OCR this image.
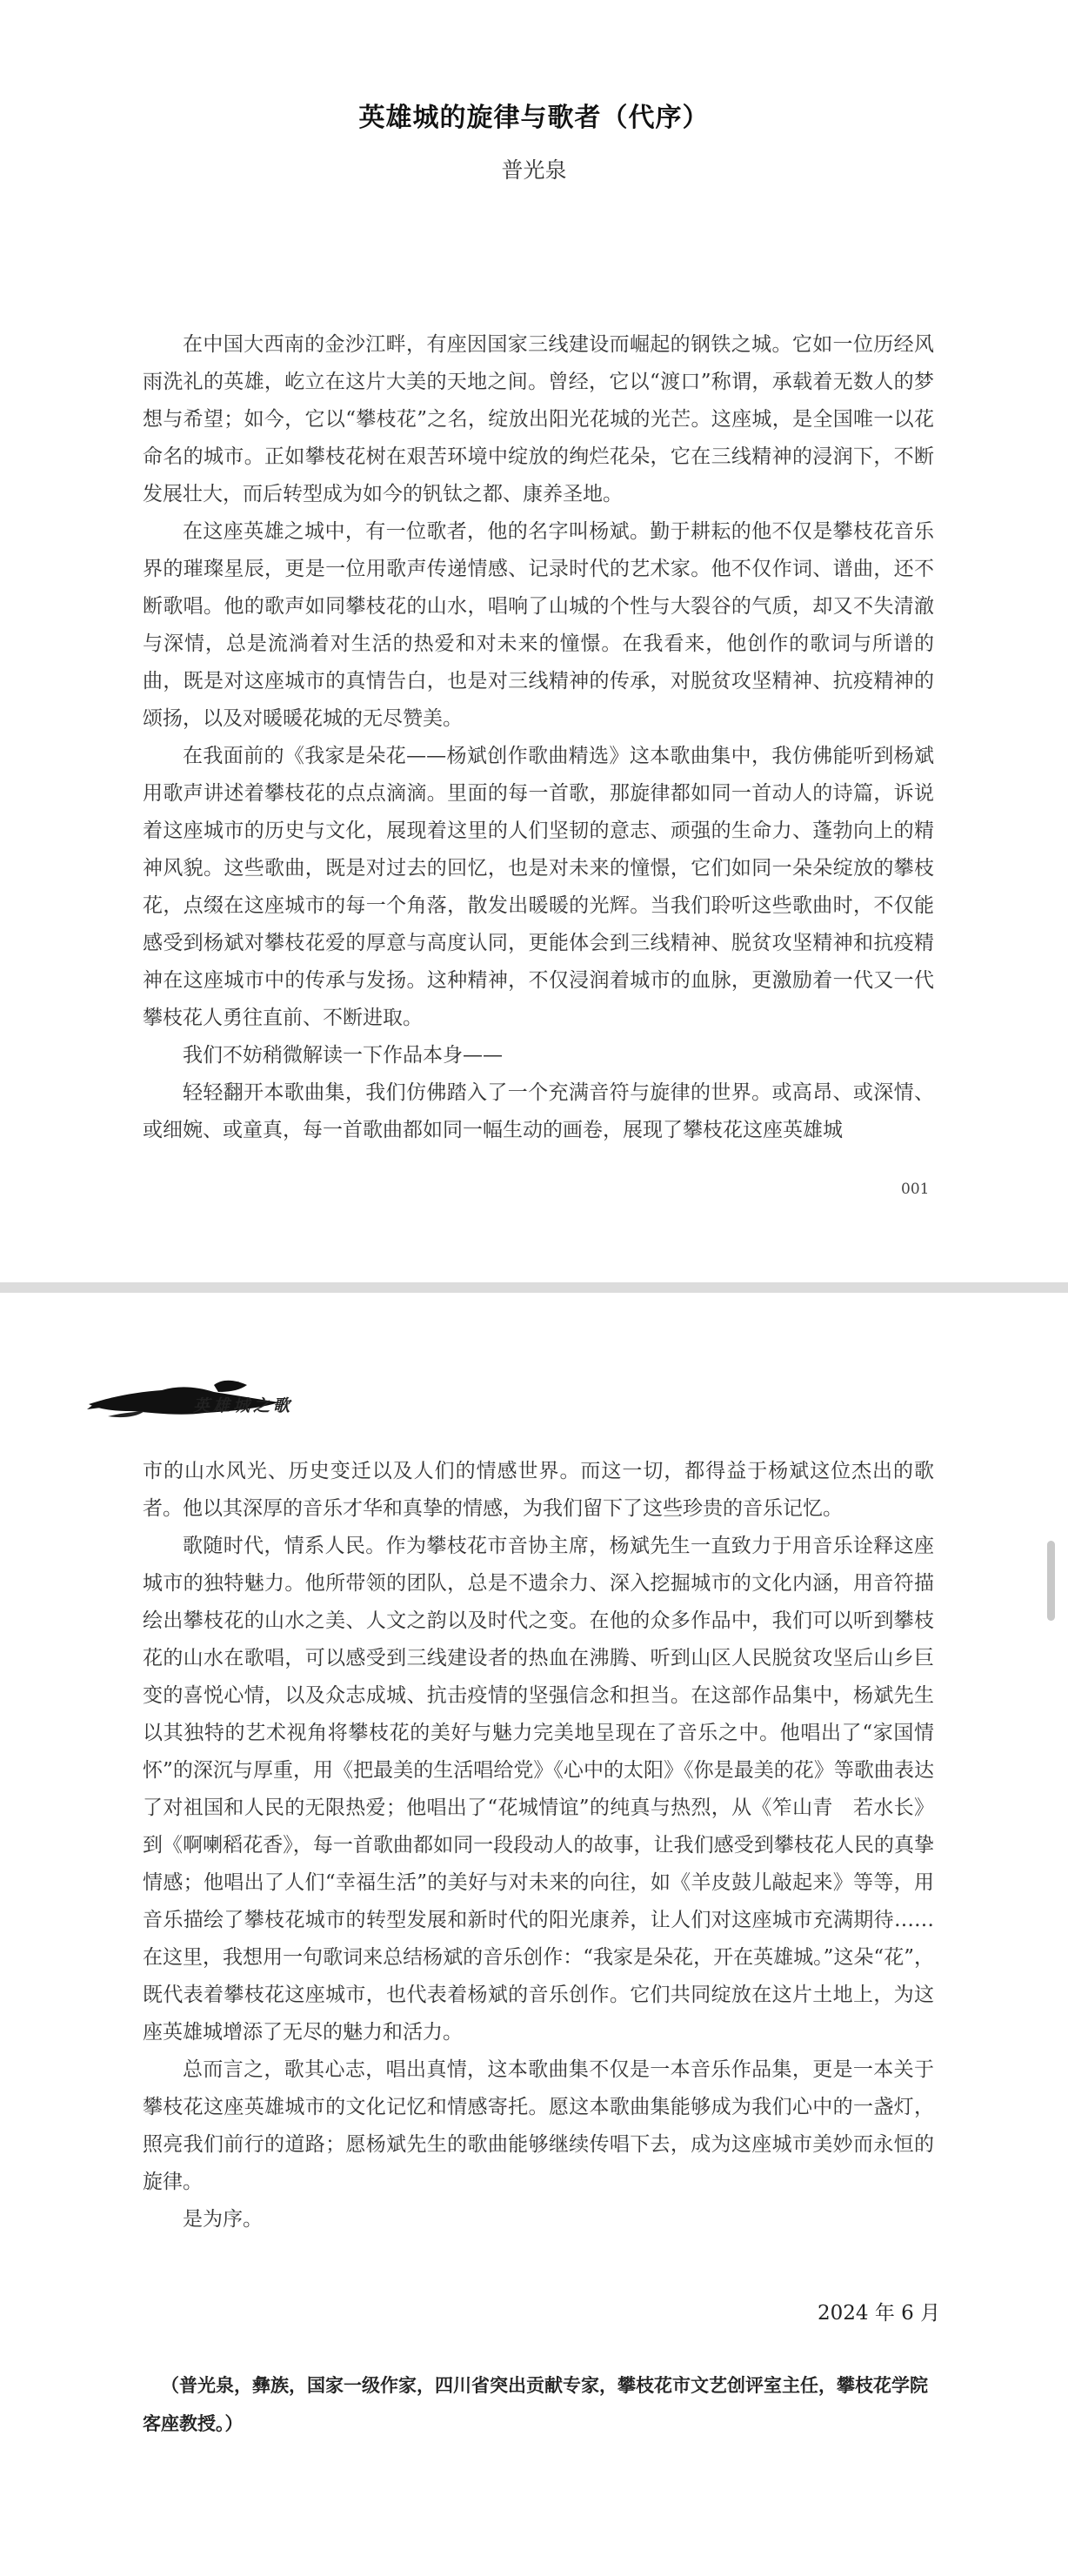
英雄城的旋律与歌者（代序）
普光泉

在中国大西南的金沙江畔，有座因国家三线建设而崛起的钢铁之城。它如一位历经风雨洗礼的英雄，屹立在这片大美的天地之间。曾经，它以“渡口”称谓，承载着无数人的梦想与希望；如今，它以“攀枝花”之名，绽放出阳光花城的光芒。这座城，是全国唯一以花命名的城市。正如攀枝花树在艰苦环境中绽放的绚烂花朵，它在三线精神的浸润下，不断发展壮大，而后转型成为如今的钒钛之都、康养圣地。

在这座英雄之城中，有一位歌者，他的名字叫杨斌。勤于耕耘的他不仅是攀枝花音乐界的璀璨星辰，更是一位用歌声传递情感、记录时代的艺术家。他不仅作词、谱曲，还不断歌唱。他的歌声如同攀枝花的山水，唱响了山城的个性与大裂谷的气质，却又不失清澈与深情，总是流淌着对生活的热爱和对未来的憧憬。在我看来，他创作的歌词与所谱的曲，既是对这座城市的真情告白，也是对三线精神的传承，对脱贫攻坚精神、抗疫精神的颂扬，以及对暖暖花城的无尽赞美。

在我面前的《我家是朵花——杨斌创作歌曲精选》这本歌曲集中，我仿佛能听到杨斌用歌声讲述着攀枝花的点点滴滴。里面的每一首歌，那旋律都如同一首动人的诗篇，诉说着这座城市的历史与文化，展现着这里的人们坚韧的意志、顽强的生命力、蓬勃向上的精神风貌。这些歌曲，既是对过去的回忆，也是对未来的憧憬，它们如同一朵朵绽放的攀枝花，点缀在这座城市的每一个角落，散发出暖暖的光辉。当我们聆听这些歌曲时，不仅能感受到杨斌对攀枝花爱的厚意与高度认同，更能体会到三线精神、脱贫攻坚精神和抗疫精神在这座城市中的传承与发扬。这种精神，不仅浸润着城市的血脉，更激励着一代又一代攀枝花人勇往直前、不断进取。

我们不妨稍微解读一下作品本身——

轻轻翻开本歌曲集，我们仿佛踏入了一个充满音符与旋律的世界。或高昂、或深情、或细婉、或童真，每一首歌曲都如同一幅生动的画卷，展现了攀枝花这座英雄城

001
英雄城之歌

市的山水风光、历史变迁以及人们的情感世界。而这一切，都得益于杨斌这位杰出的歌者。他以其深厚的音乐才华和真挚的情感，为我们留下了这些珍贵的音乐记忆。

歌随时代，情系人民。作为攀枝花市音协主席，杨斌先生一直致力于用音乐诠释这座城市的独特魅力。他所带领的团队，总是不遗余力、深入挖掘城市的文化内涵，用音符描绘出攀枝花的山水之美、人文之韵以及时代之变。在他的众多作品中，我们可以听到攀枝花的山水在歌唱，可以感受到三线建设者的热血在沸腾、听到山区人民脱贫攻坚后山乡巨变的喜悦心情，以及众志成城、抗击疫情的坚强信念和担当。在这部作品集中，杨斌先生以其独特的艺术视角将攀枝花的美好与魅力完美地呈现在了音乐之中。他唱出了“家国情怀”的深沉与厚重，用《把最美的生活唱给党》《心中的太阳》《你是最美的花》等歌曲表达了对祖国和人民的无限热爱；他唱出了“花城情谊”的纯真与热烈，从《笮山青　若水长》到《啊喇稻花香》，每一首歌曲都如同一段段动人的故事，让我们感受到攀枝花人民的真挚情感；他唱出了人们“幸福生活”的美好与对未来的向往，如《羊皮鼓儿敲起来》等等，用音乐描绘了攀枝花城市的转型发展和新时代的阳光康养，让人们对这座城市充满期待……在这里，我想用一句歌词来总结杨斌的音乐创作：“我家是朵花，开在英雄城。”这朵“花”，既代表着攀枝花这座城市，也代表着杨斌的音乐创作。它们共同绽放在这片土地上，为这座英雄城增添了无尽的魅力和活力。

总而言之，歌其心志，唱出真情，这本歌曲集不仅是一本音乐作品集，更是一本关于攀枝花这座英雄城市的文化记忆和情感寄托。愿这本歌曲集能够成为我们心中的一盏灯，照亮我们前行的道路；愿杨斌先生的歌曲能够继续传唱下去，成为这座城市美妙而永恒的旋律。

是为序。

2024 年 6 月
（普光泉，彝族，国家一级作家，四川省突出贡献专家，攀枝花市文艺创评室主任，攀枝花学院客座教授。）
